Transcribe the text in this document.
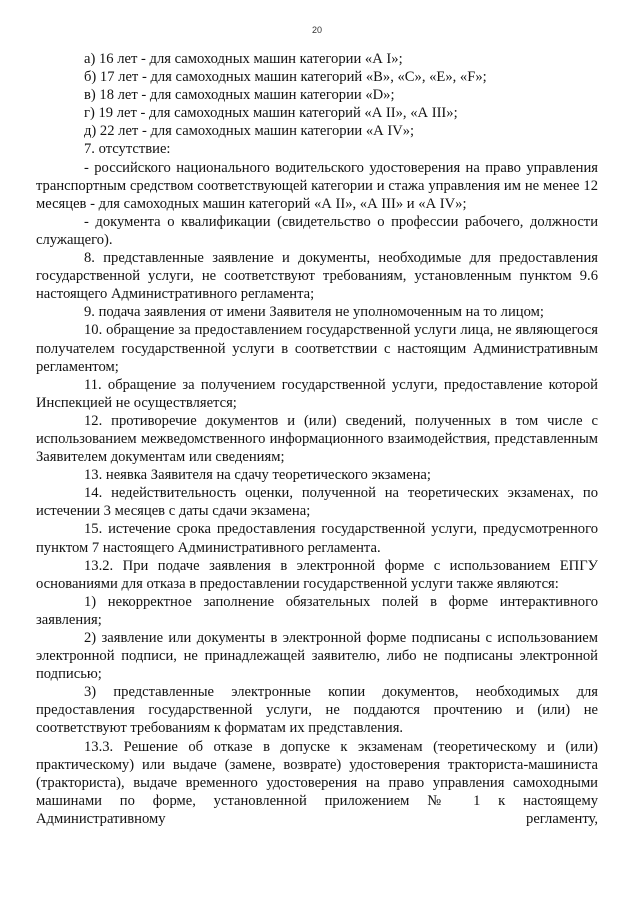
20

а) 16 лет - для самоходных машин категории «А I»;

б) 17 лет - для самоходных машин категорий «В», «С», «Е», «F»;

в) 18 лет - для самоходных машин категории «D»;

г) 19 лет - для самоходных машин категорий «А II», «А III»;

д) 22 лет - для самоходных машин категории «А IV»;

7. отсутствие:

- российского национального водительского удостоверения на право управления транспортным средством соответствующей категории и стажа управления им не менее 12 месяцев - для самоходных машин категорий «А II», «А III» и «А IV»;

- документа о квалификации (свидетельство о профессии рабочего, должности служащего).

8. представленные заявление и документы, необходимые для предоставления государственной услуги, не соответствуют требованиям, установленным пунктом 9.6 настоящего Административного регламента;

9. подача заявления от имени Заявителя не уполномоченным на то лицом;

10. обращение за предоставлением государственной услуги лица, не являющегося получателем государственной услуги в соответствии с настоящим Административным регламентом;

11. обращение за получением государственной услуги, предоставление которой Инспекцией не осуществляется;

12. противоречие документов и (или) сведений, полученных в том числе с использованием межведомственного информационного взаимодействия, представленным Заявителем документам или сведениям;

13. неявка Заявителя на сдачу теоретического экзамена;

14. недействительность оценки, полученной на теоретических экзаменах, по истечении 3 месяцев с даты сдачи экзамена;

15. истечение срока предоставления государственной услуги, предусмотренного пунктом 7 настоящего Административного регламента.

13.2. При подаче заявления в электронной форме с использованием ЕПГУ основаниями для отказа в предоставлении государственной услуги также являются:

1) некорректное заполнение обязательных полей в форме интерактивного заявления;

2) заявление или документы в электронной форме подписаны с использованием электронной подписи, не принадлежащей заявителю, либо не подписаны электронной подписью;

3) представленные электронные копии документов, необходимых для предоставления государственной услуги, не поддаются прочтению и (или) не соответствуют требованиям к форматам их представления.

13.3. Решение об отказе в допуске к экзаменам (теоретическому и (или) практическому) или выдаче (замене, возврате) удостоверения тракториста-машиниста (тракториста), выдаче временного удостоверения на право управления самоходными машинами по форме, установленной приложением № 1 к настоящему Административному регламенту,
